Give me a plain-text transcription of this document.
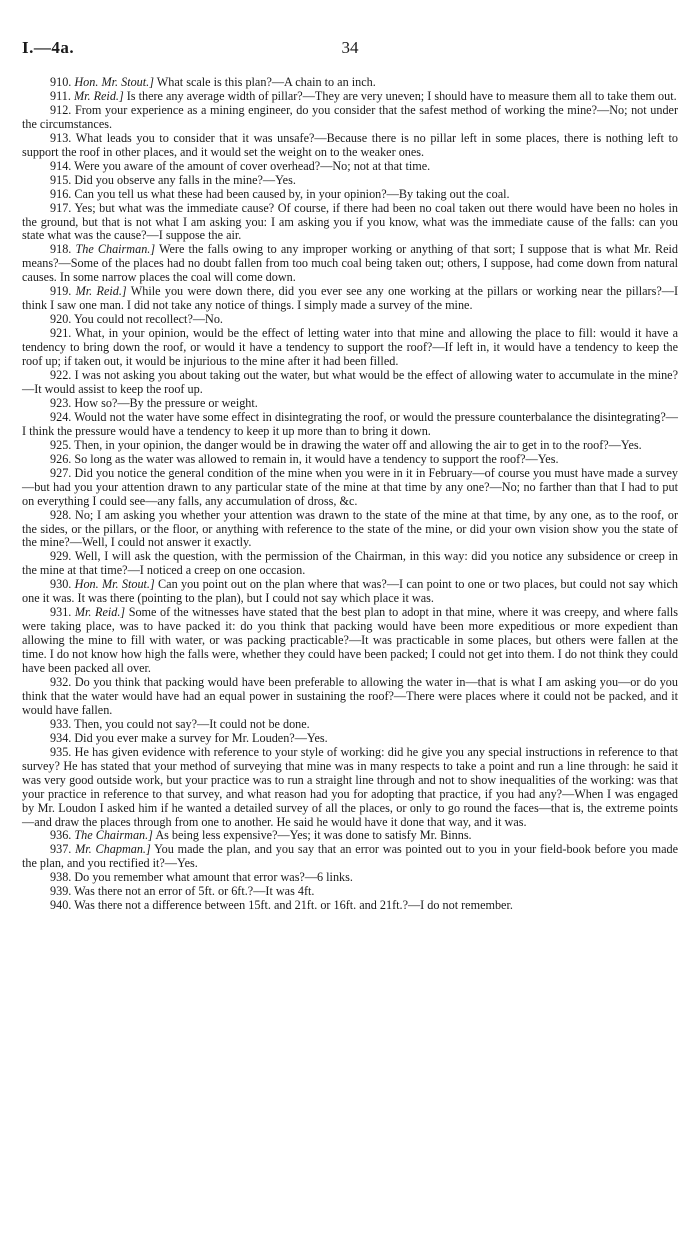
I.—4a.	34

910. Hon. Mr. Stout.] What scale is this plan?—A chain to an inch.

911. Mr. Reid.] Is there any average width of pillar?—They are very uneven; I should have to measure them all to take them out.

912. From your experience as a mining engineer, do you consider that the safest method of working the mine?—No; not under the circumstances.

913. What leads you to consider that it was unsafe?—Because there is no pillar left in some places, there is nothing left to support the roof in other places, and it would set the weight on to the weaker ones.

914. Were you aware of the amount of cover overhead?—No; not at that time.

915. Did you observe any falls in the mine?—Yes.

916. Can you tell us what these had been caused by, in your opinion?—By taking out the coal.

917. Yes; but what was the immediate cause? Of course, if there had been no coal taken out there would have been no holes in the ground, but that is not what I am asking you: I am asking you if you know, what was the immediate cause of the falls: can you state what was the cause?—I suppose the air.

918. The Chairman.] Were the falls owing to any improper working or anything of that sort; I suppose that is what Mr. Reid means?—Some of the places had no doubt fallen from too much coal being taken out; others, I suppose, had come down from natural causes. In some narrow places the coal will come down.

919. Mr. Reid.] While you were down there, did you ever see any one working at the pillars or working near the pillars?—I think I saw one man. I did not take any notice of things. I simply made a survey of the mine.

920. You could not recollect?—No.

921. What, in your opinion, would be the effect of letting water into that mine and allowing the place to fill: would it have a tendency to bring down the roof, or would it have a tendency to support the roof?—If left in, it would have a tendency to keep the roof up; if taken out, it would be injurious to the mine after it had been filled.

922. I was not asking you about taking out the water, but what would be the effect of allowing water to accumulate in the mine?—It would assist to keep the roof up.

923. How so?—By the pressure or weight.

924. Would not the water have some effect in disintegrating the roof, or would the pressure counterbalance the disintegrating?—I think the pressure would have a tendency to keep it up more than to bring it down.

925. Then, in your opinion, the danger would be in drawing the water off and allowing the air to get in to the roof?—Yes.

926. So long as the water was allowed to remain in, it would have a tendency to support the roof?—Yes.

927. Did you notice the general condition of the mine when you were in it in February—of course you must have made a survey—but had you your attention drawn to any particular state of the mine at that time by any one?—No; no farther than that I had to put on everything I could see—any falls, any accumulation of dross, &c.

928. No; I am asking you whether your attention was drawn to the state of the mine at that time, by any one, as to the roof, or the sides, or the pillars, or the floor, or anything with reference to the state of the mine, or did your own vision show you the state of the mine?—Well, I could not answer it exactly.

929. Well, I will ask the question, with the permission of the Chairman, in this way: did you notice any subsidence or creep in the mine at that time?—I noticed a creep on one occasion.

930. Hon. Mr. Stout.] Can you point out on the plan where that was?—I can point to one or two places, but could not say which one it was. It was there (pointing to the plan), but I could not say which place it was.

931. Mr. Reid.] Some of the witnesses have stated that the best plan to adopt in that mine, where it was creepy, and where falls were taking place, was to have packed it: do you think that packing would have been more expeditious or more expedient than allowing the mine to fill with water, or was packing practicable?—It was practicable in some places, but others were fallen at the time. I do not know how high the falls were, whether they could have been packed; I could not get into them. I do not think they could have been packed all over.

932. Do you think that packing would have been preferable to allowing the water in—that is what I am asking you—or do you think that the water would have had an equal power in sustaining the roof?—There were places where it could not be packed, and it would have fallen.

933. Then, you could not say?—It could not be done.

934. Did you ever make a survey for Mr. Louden?—Yes.

935. He has given evidence with reference to your style of working: did he give you any special instructions in reference to that survey? He has stated that your method of surveying that mine was in many respects to take a point and run a line through: he said it was very good outside work, but your practice was to run a straight line through and not to show inequalities of the working: was that your practice in reference to that survey, and what reason had you for adopting that practice, if you had any?—When I was engaged by Mr. Loudon I asked him if he wanted a detailed survey of all the places, or only to go round the faces—that is, the extreme points—and draw the places through from one to another. He said he would have it done that way, and it was.

936. The Chairman.] As being less expensive?—Yes; it was done to satisfy Mr. Binns.

937. Mr. Chapman.] You made the plan, and you say that an error was pointed out to you in your field-book before you made the plan, and you rectified it?—Yes.

938. Do you remember what amount that error was?—6 links.

939. Was there not an error of 5ft. or 6ft.?—It was 4ft.

940. Was there not a difference between 15ft. and 21ft. or 16ft. and 21ft.?—I do not remember.
